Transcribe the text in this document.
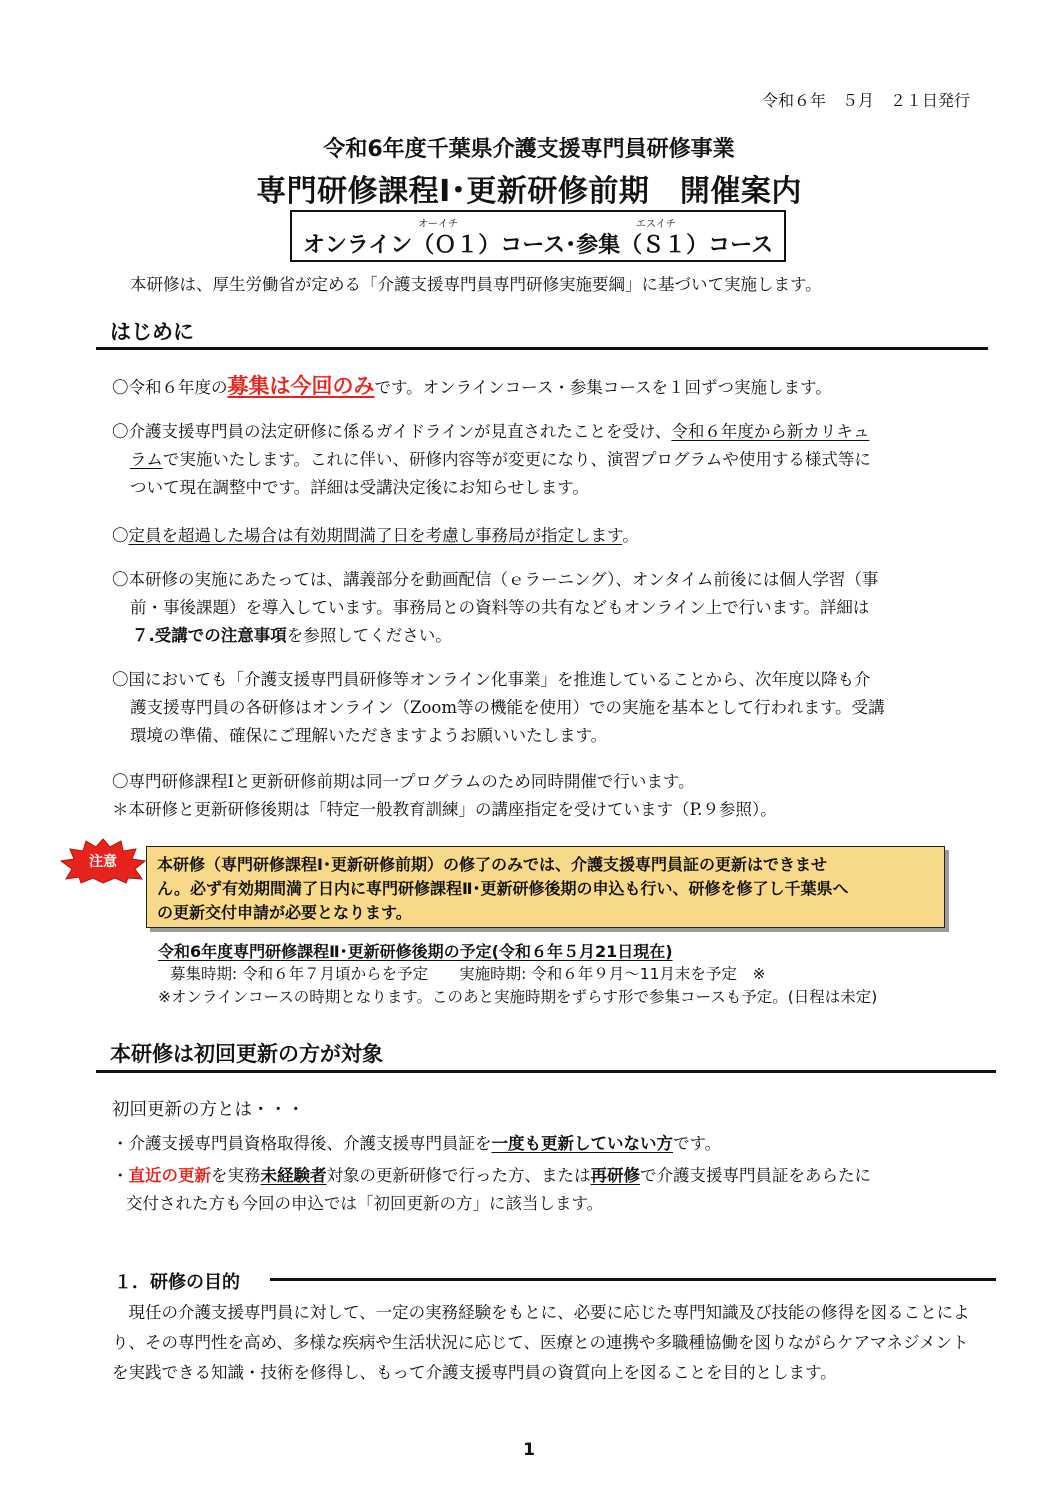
令和６年　５月　２１日発行
令和6年度千葉県介護支援専門員研修事業
専門研修課程Ⅰ･更新研修前期　開催案内
オーイチ	エスイチ
オンライン（Ｏ１）コース･参集（Ｓ１）コース
本研修は、厚生労働省が定める「介護支援専門員専門研修実施要綱」に基づいて実施します。
はじめに
〇令和６年度の募集は今回のみです。オンラインコース・参集コースを１回ずつ実施します。
〇介護支援専門員の法定研修に係るガイドラインが見直されたことを受け、令和６年度から新カリキュ
ラムで実施いたします。これに伴い、研修内容等が変更になり、演習プログラムや使用する様式等に
ついて現在調整中です。詳細は受講決定後にお知らせします。
〇定員を超過した場合は有効期間満了日を考慮し事務局が指定します。
〇本研修の実施にあたっては、講義部分を動画配信（ｅラーニング）、オンタイム前後には個人学習（事
前・事後課題）を導入しています。事務局との資料等の共有などもオンライン上で行います。詳細は
７.受講での注意事項を参照してください。
〇国においても「介護支援専門員研修等オンライン化事業」を推進していることから、次年度以降も介
護支援専門員の各研修はオンライン（Zoom等の機能を使用）での実施を基本として行われます。受講
環境の準備、確保にご理解いただきますようお願いいたします。
〇専門研修課程Ⅰと更新研修前期は同一プログラムのため同時開催で行います。
＊本研修と更新研修後期は「特定一般教育訓練」の講座指定を受けています（P.９参照）。
注意	本研修（専門研修課程Ⅰ･更新研修前期）の修了のみでは、介護支援専門員証の更新はできませ
ん。必ず有効期間満了日内に専門研修課程Ⅱ･更新研修後期の申込も行い、研修を修了し千葉県へ
の更新交付申請が必要となります。
令和6年度専門研修課程Ⅱ･更新研修後期の予定(令和６年５月21日現在)
募集時期: 令和６年７月頃からを予定　　実施時期: 令和６年９月～11月末を予定　※
※オンラインコースの時期となります。このあと実施時期をずらす形で参集コースも予定。(日程は未定)
本研修は初回更新の方が対象
初回更新の方とは・・・
・介護支援専門員資格取得後、介護支援専門員証を一度も更新していない方です。
・直近の更新を実務未経験者対象の更新研修で行った方、または再研修で介護支援専門員証をあらたに
交付された方も今回の申込では「初回更新の方」に該当します。
１．研修の目的
　現任の介護支援専門員に対して、一定の実務経験をもとに、必要に応じた専門知識及び技能の修得を図ることにより、その専門性を高め、多様な疾病や生活状況に応じて、医療との連携や多職種協働を図りながらケアマネジメントを実践できる知識・技術を修得し、もって介護支援専門員の資質向上を図ることを目的とします。
1
